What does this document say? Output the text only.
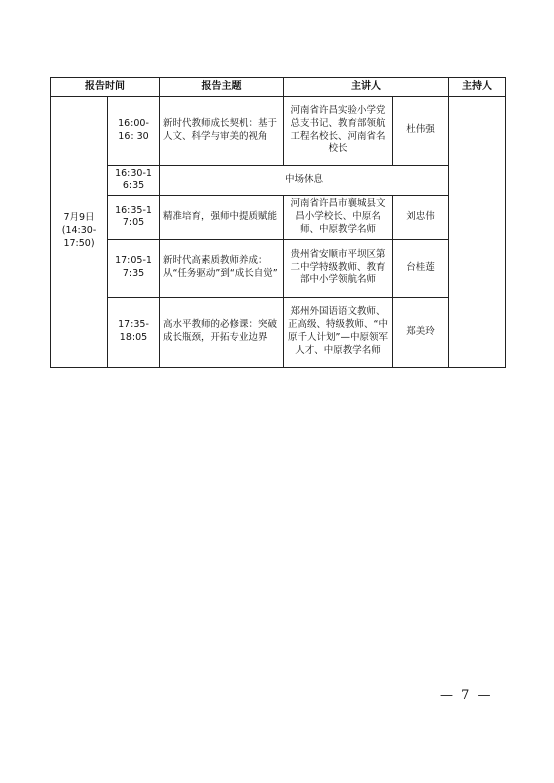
报告时间		报告主题	主讲人		主持人
7月9日
(14:30-
17:50)	16:00-
16: 30	新时代教师成长契机：基于人文、科学与审美的视角	河南省许昌实验小学党总支书记、教育部领航工程名校长、河南省名校长	杜伟强	
	16:30-1
6:35	中场休息			
	16:35-1
7:05	精准培育，强师中提质赋能	河南省许昌市襄城县文昌小学校长、中原名师、中原教学名师	刘忠伟	
	17:05-1
7:35	新时代高素质教师养成：从“任务驱动”到“成长自觉”	贵州省安顺市平坝区第二中学特级教师、教育部中小学领航名师	台桂莲	
	17:35-
18:05	高水平教师的必修课：突破成长瓶颈，开拓专业边界	郑州外国语语文教师、正高级、特级教师、“中原千人计划”—中原领军人才、中原教学名师	郑美玲	
— 7 —
